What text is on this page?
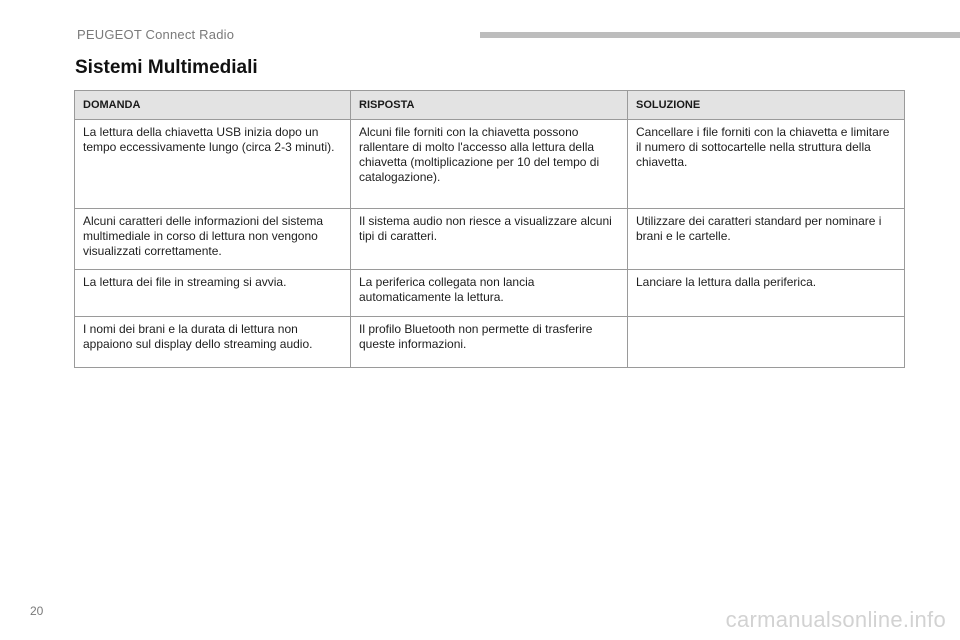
PEUGEOT Connect Radio
Sistemi Multimediali
DOMANDA	RISPOSTA	SOLUZIONE
La lettura della chiavetta USB inizia dopo un tempo eccessivamente lungo (circa 2-3 minuti).	Alcuni file forniti con la chiavetta possono rallentare di molto l'accesso alla lettura della chiavetta (moltiplicazione per 10 del tempo di catalogazione).	Cancellare i file forniti con la chiavetta e limitare il numero di sottocartelle nella struttura della chiavetta.
Alcuni caratteri delle informazioni del sistema multimediale in corso di lettura non vengono visualizzati correttamente.	Il sistema audio non riesce a visualizzare alcuni tipi di caratteri.	Utilizzare dei caratteri standard per nominare i brani e le cartelle.
La lettura dei file in streaming si avvia.	La periferica collegata non lancia automaticamente la lettura.	Lanciare la lettura dalla periferica.
I nomi dei brani e la durata di lettura non appaiono sul display dello streaming audio.	Il profilo Bluetooth non permette di trasferire queste informazioni.	
20	carmanualsonline.info
